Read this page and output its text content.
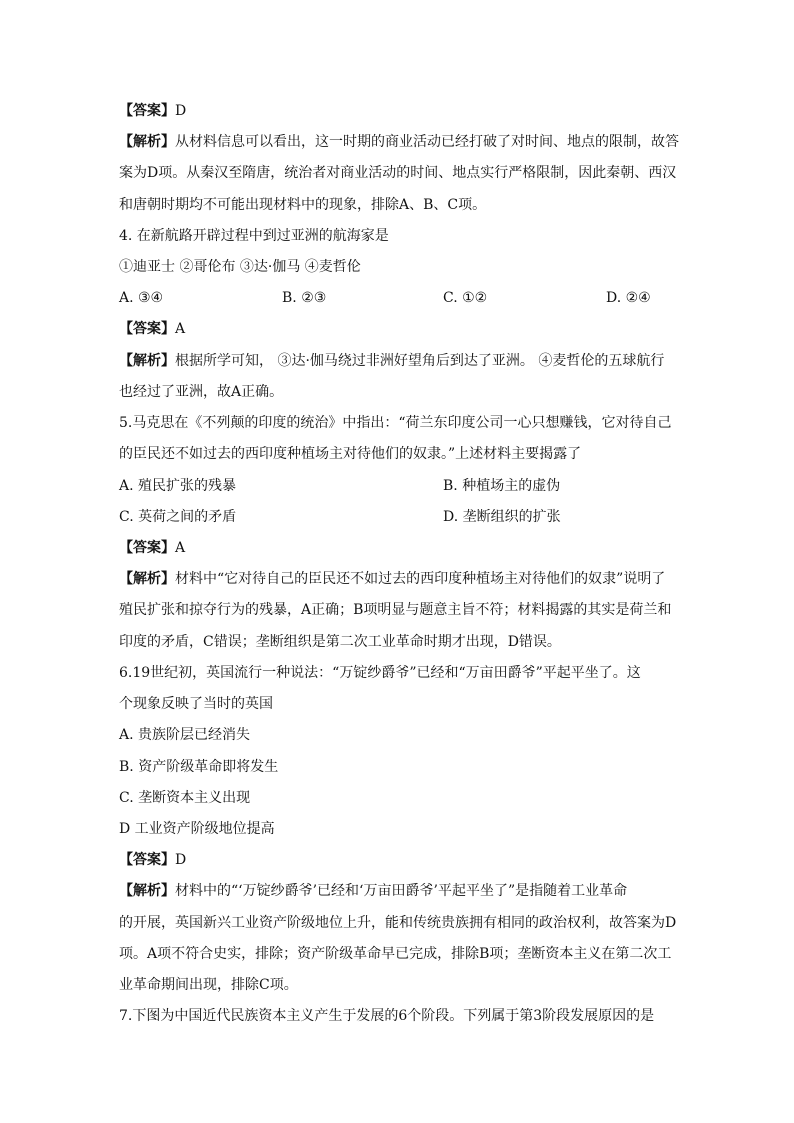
【答案】D
【解析】从材料信息可以看出，这一时期的商业活动已经打破了对时间、地点的限制，故答
案为D项。从秦汉至隋唐，统治者对商业活动的时间、地点实行严格限制，因此秦朝、西汉
和唐朝时期均不可能出现材料中的现象，排除A、B、C项。
4. 在新航路开辟过程中到过亚洲的航海家是
①迪亚士 ②哥伦布 ③达·伽马 ④麦哲伦
A. ③④	B. ②③	C. ①②	D. ②④
【答案】A
【解析】根据所学可知， ③达·伽马绕过非洲好望角后到达了亚洲。 ④麦哲伦的五球航行
也经过了亚洲，故A正确。
5.马克思在《不列颠的印度的统治》中指出：“荷兰东印度公司一心只想赚钱，它对待自己
的臣民还不如过去的西印度种植场主对待他们的奴隶。”上述材料主要揭露了
A. 殖民扩张的残暴	B. 种植场主的虚伪
C. 英荷之间的矛盾	D. 垄断组织的扩张
【答案】A
【解析】材料中“它对待自己的臣民还不如过去的西印度种植场主对待他们的奴隶”说明了
殖民扩张和掠夺行为的残暴，A正确；B项明显与题意主旨不符；材料揭露的其实是荷兰和
印度的矛盾，C错误；垄断组织是第二次工业革命时期才出现，D错误。
6.19世纪初，英国流行一种说法：“万锭纱爵爷”已经和“万亩田爵爷”平起平坐了。这
个现象反映了当时的英国
A. 贵族阶层已经消失
B. 资产阶级革命即将发生
C. 垄断资本主义出现
D 工业资产阶级地位提高
【答案】D
【解析】材料中的“‘万锭纱爵爷’已经和‘万亩田爵爷’平起平坐了”是指随着工业革命
的开展，英国新兴工业资产阶级地位上升，能和传统贵族拥有相同的政治权利，故答案为D
项。A项不符合史实，排除；资产阶级革命早已完成，排除B项；垄断资本主义在第二次工
业革命期间出现，排除C项。
7.下图为中国近代民族资本主义产生于发展的6个阶段。下列属于第3阶段发展原因的是
